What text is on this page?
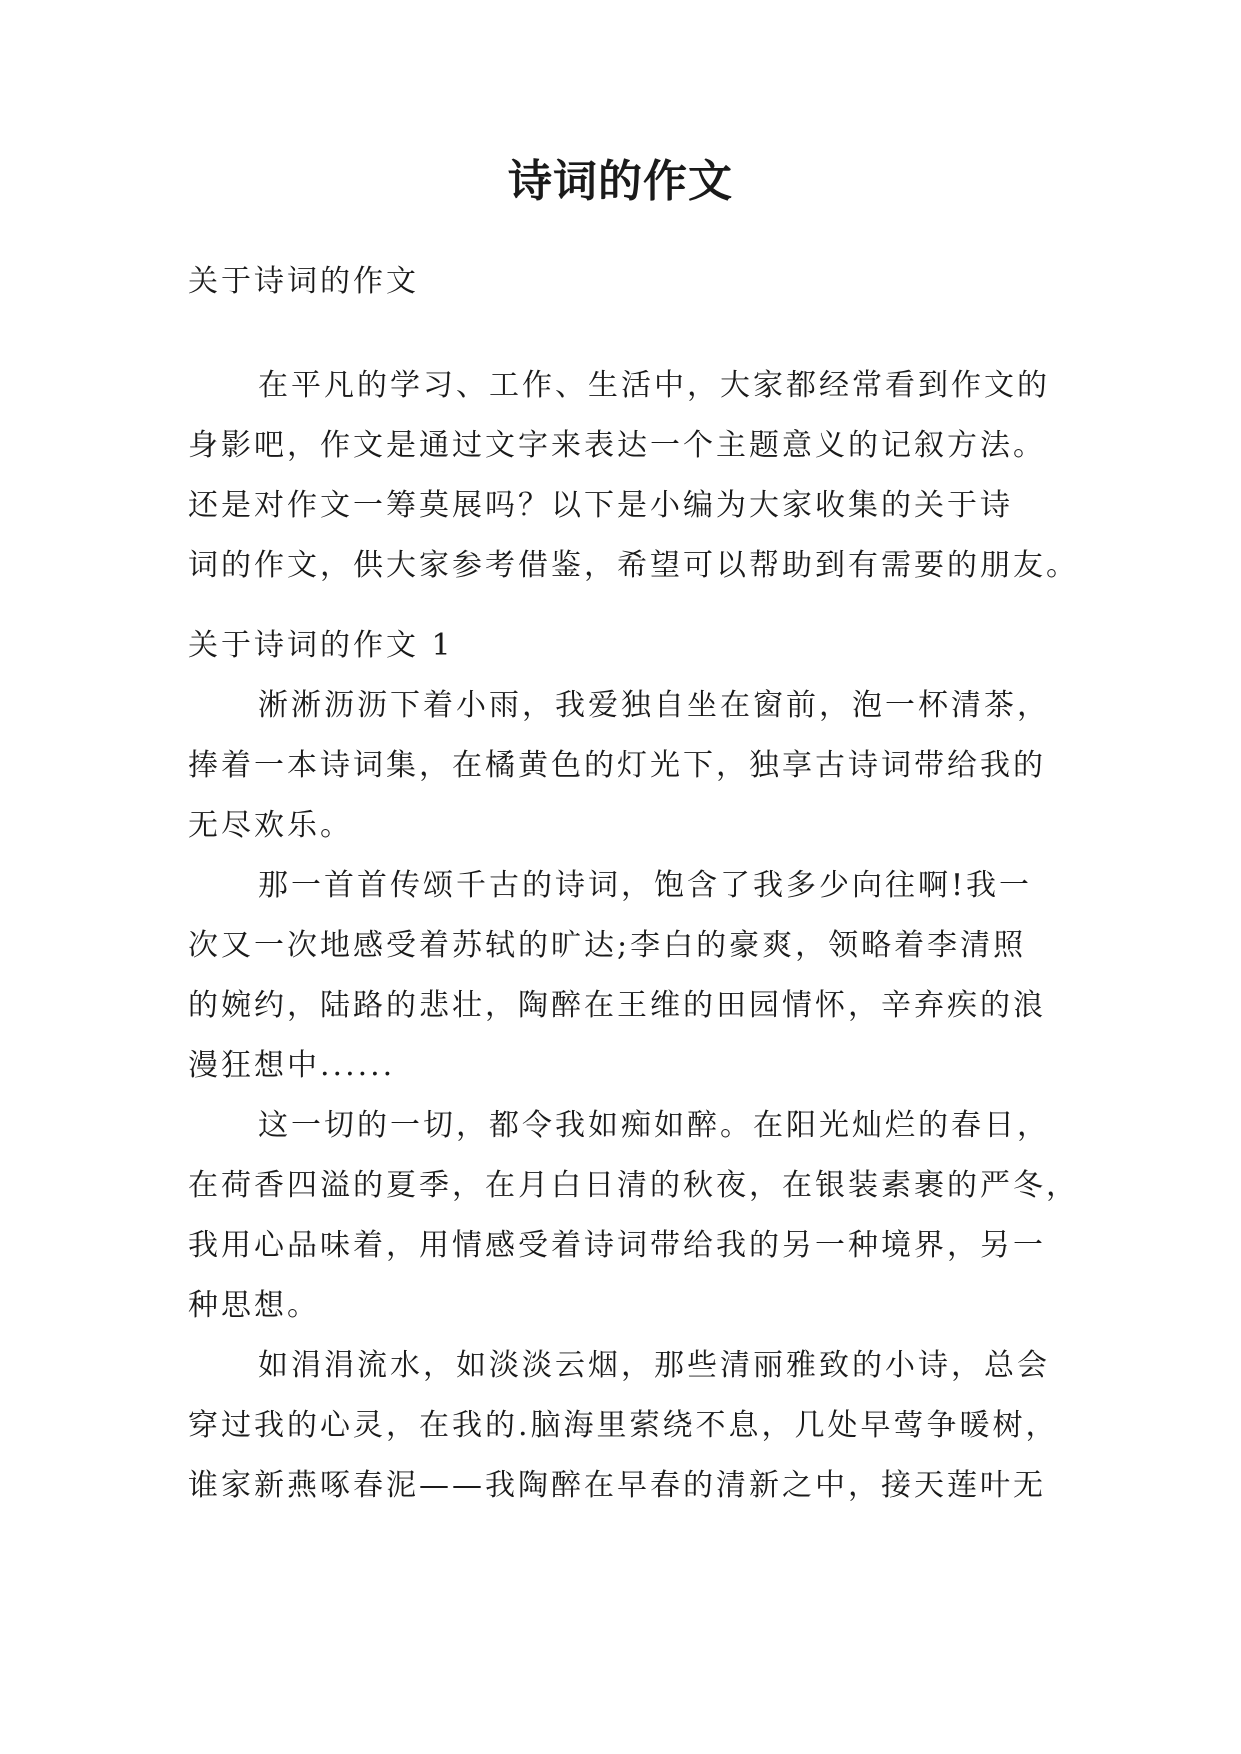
诗词的作文
关于诗词的作文
在平凡的学习、工作、生活中，大家都经常看到作文的
身影吧，作文是通过文字来表达一个主题意义的记叙方法。
还是对作文一筹莫展吗？以下是小编为大家收集的关于诗
词的作文，供大家参考借鉴，希望可以帮助到有需要的朋友。
关于诗词的作文 1
淅淅沥沥下着小雨，我爱独自坐在窗前，泡一杯清茶，
捧着一本诗词集，在橘黄色的灯光下，独享古诗词带给我的
无尽欢乐。
那一首首传颂千古的诗词，饱含了我多少向往啊!我一
次又一次地感受着苏轼的旷达;李白的豪爽，领略着李清照
的婉约，陆路的悲壮，陶醉在王维的田园情怀，辛弃疾的浪
漫狂想中......
这一切的一切，都令我如痴如醉。在阳光灿烂的春日，
在荷香四溢的夏季，在月白日清的秋夜，在银装素裹的严冬，
我用心品味着，用情感受着诗词带给我的另一种境界，另一
种思想。
如涓涓流水，如淡淡云烟，那些清丽雅致的小诗，总会
穿过我的心灵，在我的.脑海里萦绕不息，几处早莺争暖树，
谁家新燕啄春泥——我陶醉在早春的清新之中，接天莲叶无
